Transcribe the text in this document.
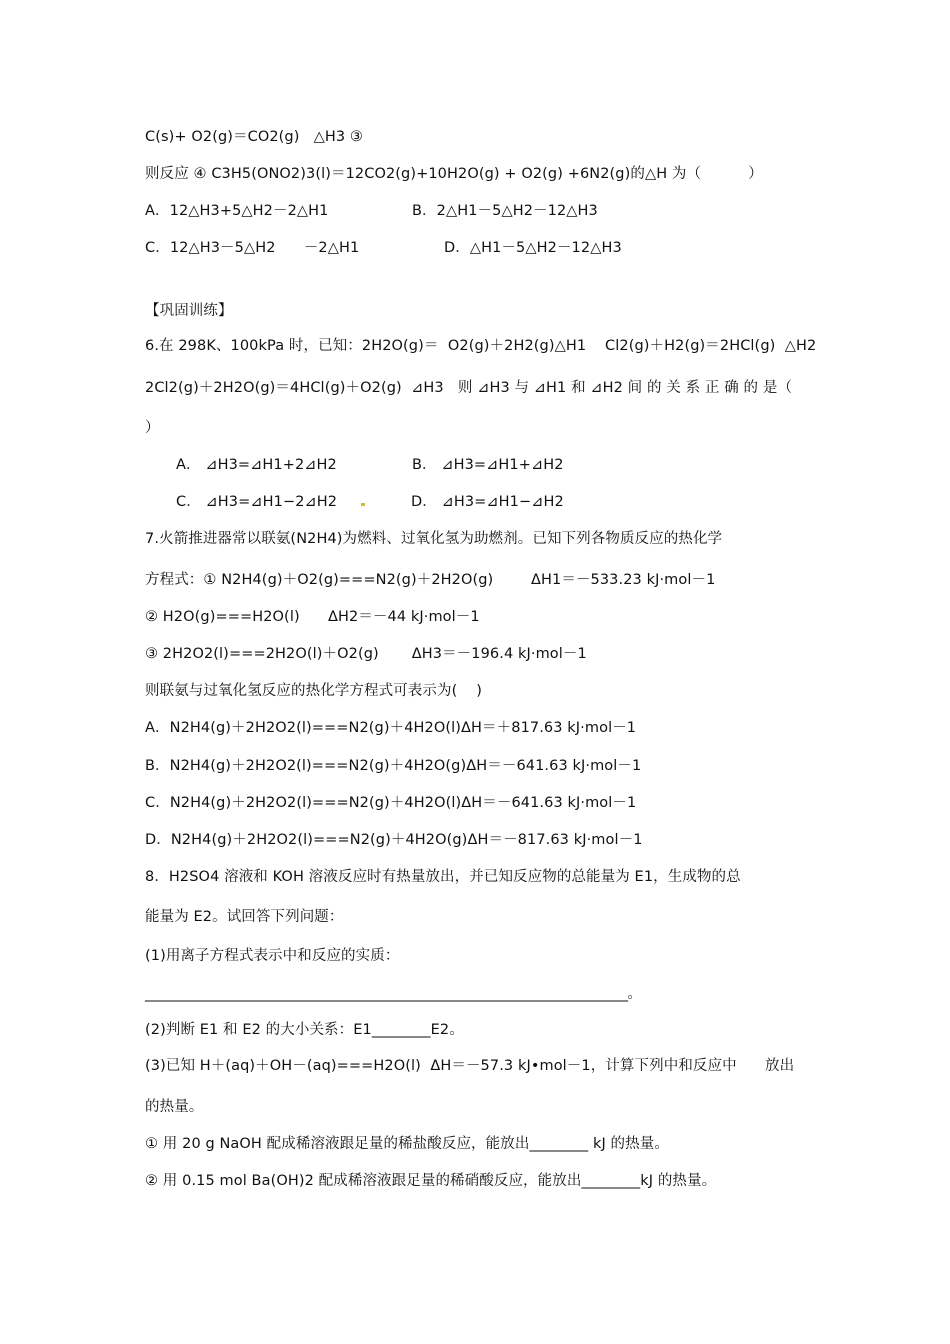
C(s)+ O2(g)＝CO2(g)   △H3 ③
则反应 ④ C3H5(ONO2)3(l)＝12CO2(g)+10H2O(g) + O2(g) +6N2(g)的△H 为（          ）
A．12△H3+5△H2－2△H1	B．2△H1－5△H2－12△H3
C．12△H3－5△H2      －2△H1	D．△H1－5△H2－12△H3
【巩固训练】
6.在 298K、100kPa 时，已知：2H2O(g)＝  O2(g)＋2H2(g)△H1    Cl2(g)＋H2(g)＝2HCl(g)  △H2
2Cl2(g)＋2H2O(g)＝4HCl(g)＋O2(g)  ⊿H3   则 ⊿H3 与 ⊿H1 和 ⊿H2 间 的 关 系 正 确 的 是（
）
A． ⊿H3=⊿H1+2⊿H2	B． ⊿H3=⊿H1+⊿H2
C． ⊿H3=⊿H1−2⊿H2	D． ⊿H3=⊿H1−⊿H2
7.火箭推进器常以联氨(N2H4)为燃料、过氧化氢为助燃剂。已知下列各物质反应的热化学
方程式：① N2H4(g)＋O2(g)===N2(g)＋2H2O(g)        ΔH1＝－533.23 kJ·mol－1
② H2O(g)===H2O(l)      ΔH2＝－44 kJ·mol－1
③ 2H2O2(l)===2H2O(l)＋O2(g)       ΔH3＝－196.4 kJ·mol－1
则联氨与过氧化氢反应的热化学方程式可表示为(    )
A．N2H4(g)＋2H2O2(l)===N2(g)＋4H2O(l)ΔH＝＋817.63 kJ·mol－1
B．N2H4(g)＋2H2O2(l)===N2(g)＋4H2O(g)ΔH＝－641.63 kJ·mol－1
C．N2H4(g)＋2H2O2(l)===N2(g)＋4H2O(l)ΔH＝－641.63 kJ·mol－1
D．N2H4(g)＋2H2O2(l)===N2(g)＋4H2O(g)ΔH＝－817.63 kJ·mol－1
8．H2SO4 溶液和 KOH 溶液反应时有热量放出，并已知反应物的总能量为 E1，生成物的总
能量为 E2。试回答下列问题：
(1)用离子方程式表示中和反应的实质：
________________________________________________________________________。
(2)判断 E1 和 E2 的大小关系：E1________E2。
(3)已知 H＋(aq)＋OH－(aq)===H2O(l)  ΔH＝－57.3 kJ•mol－1，计算下列中和反应中      放出
的热量。
① 用 20 g NaOH 配成稀溶液跟足量的稀盐酸反应，能放出________ kJ 的热量。
② 用 0.15 mol Ba(OH)2 配成稀溶液跟足量的稀硝酸反应，能放出________kJ 的热量。
